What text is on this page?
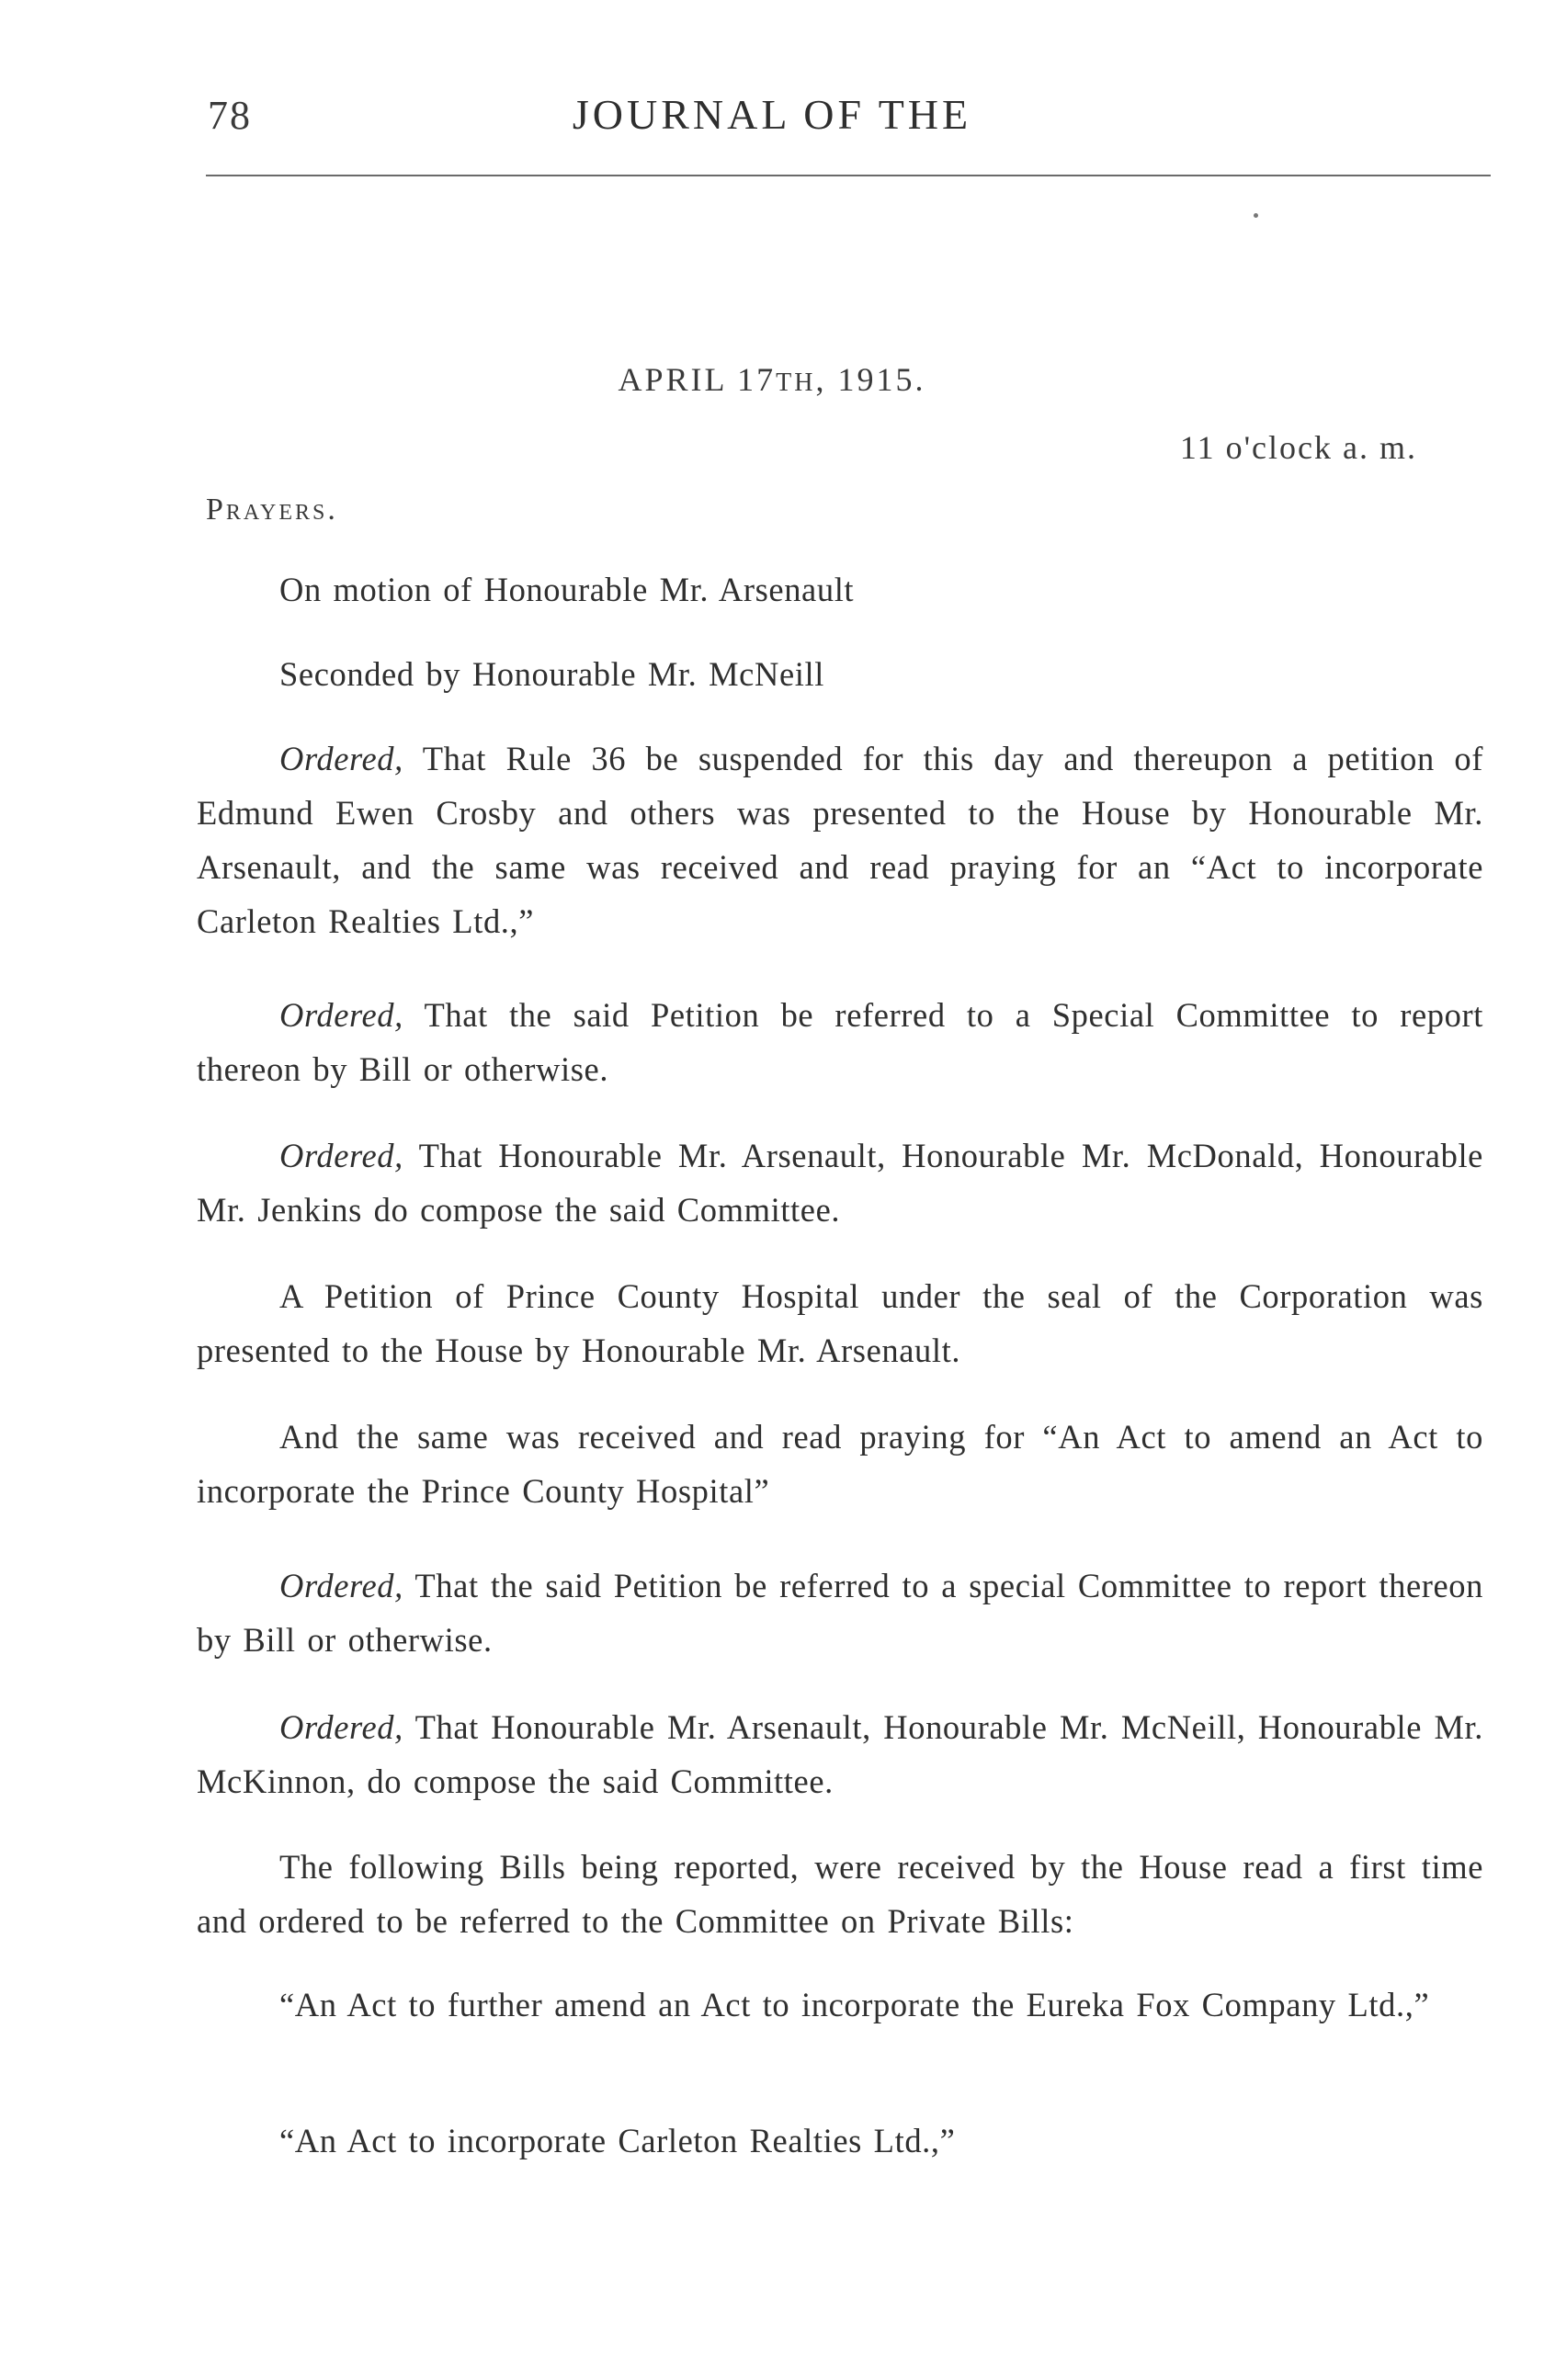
78	JOURNAL OF THE
APRIL 17TH, 1915.
11 o'clock a. m.
Prayers.
On motion of Honourable Mr. Arsenault
Seconded by Honourable Mr. McNeill

Ordered, That Rule 36 be suspended for this day and thereupon a petition of Edmund Ewen Crosby and others was presented to the House by Honourable Mr. Arsenault, and the same was received and read praying for an “Act to incorporate Carleton Realties Ltd.,”

Ordered, That the said Petition be referred to a Special Committee to report thereon by Bill or otherwise.

Ordered, That Honourable Mr. Arsenault, Honourable Mr. McDonald, Honourable Mr. Jenkins do compose the said Committee.

A Petition of Prince County Hospital under the seal of the Corporation was presented to the House by Honourable Mr. Arsenault.

And the same was received and read praying for “An Act to amend an Act to incorporate the Prince County Hospital”

Ordered, That the said Petition be referred to a special Committee to report thereon by Bill or otherwise.

Ordered, That Honourable Mr. Arsenault, Honourable Mr. McNeill, Honourable Mr. McKinnon, do compose the said Committee.

The following Bills being reported, were received by the House read a first time and ordered to be referred to the Committee on Private Bills:

“An Act to further amend an Act to incorporate the Eureka Fox Company Ltd.,”

“An Act to incorporate Carleton Realties Ltd.,”
